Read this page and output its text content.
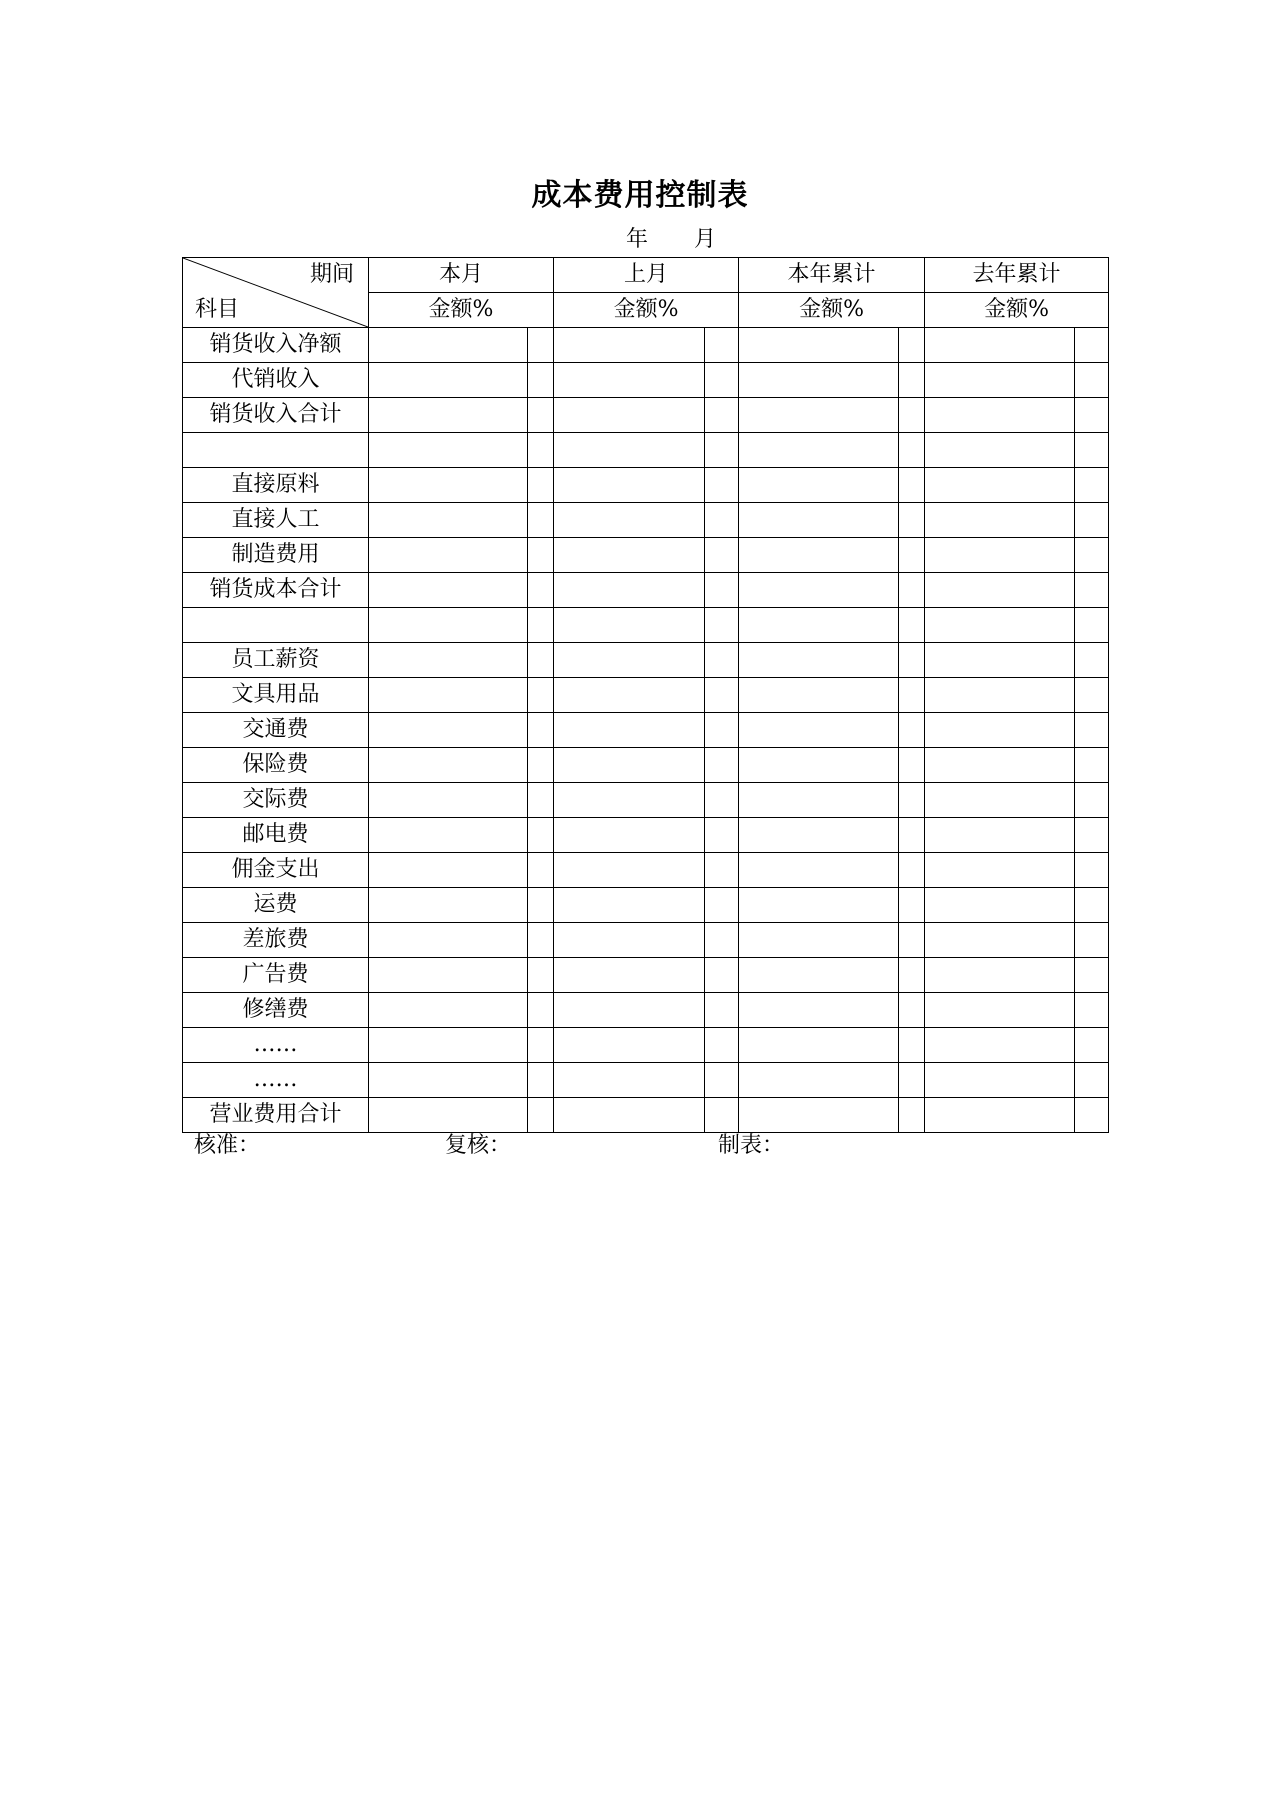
成本费用控制表
年 月
期间
科目	本月		上月		本年累计		去年累计	
	金额%		金额%		金额%		金额%	
销货收入净额								
代销收入								
销货收入合计								

直接原料								
直接人工								
制造费用								
销货成本合计								

员工薪资								
文具用品								
交通费								
保险费								
交际费								
邮电费								
佣金支出								
运费								
差旅费								
广告费								
修缮费								
……								
……								
营业费用合计								
核准：	复核：	制表：
